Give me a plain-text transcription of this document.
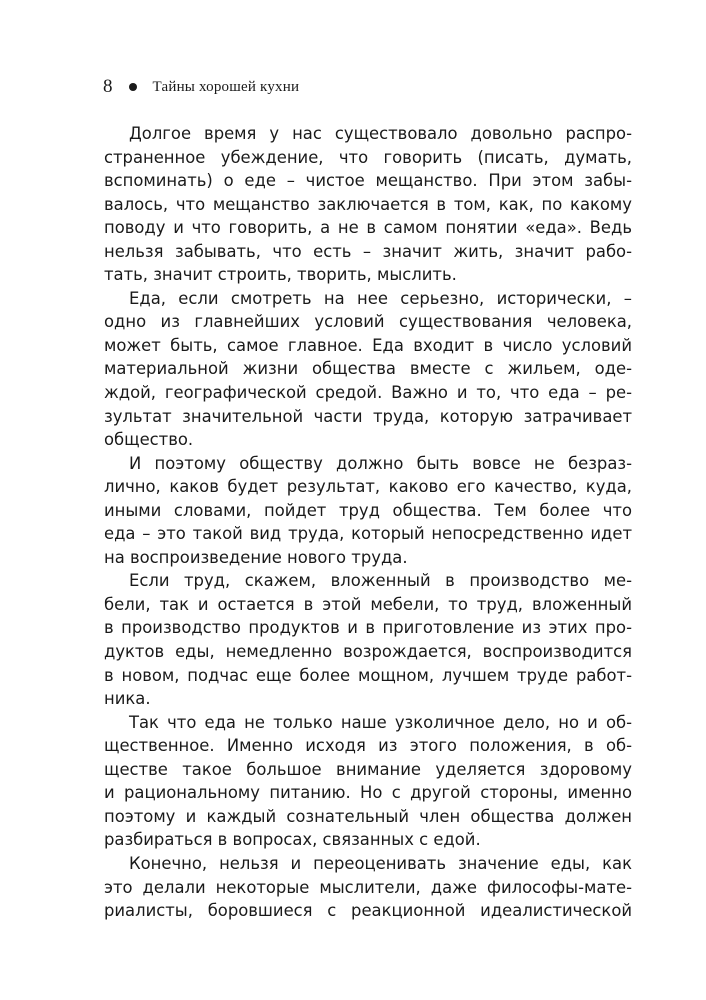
8	Тайны хорошей кухни
Долгое время у нас существовало довольно распро-
страненное убеждение, что говорить (писать, думать,
вспоминать) о еде – чистое мещанство. При этом забы-
валось, что мещанство заключается в том, как, по какому
поводу и что говорить, а не в самом понятии «еда». Ведь
нельзя забывать, что есть – значит жить, значит рабо-
тать, значит строить, творить, мыслить.
Еда, если смотреть на нее серьезно, исторически, –
одно из главнейших условий существования человека,
может быть, самое главное. Еда входит в число условий
материальной жизни общества вместе с жильем, оде-
ждой, географической средой. Важно и то, что еда – ре-
зультат значительной части труда, которую затрачивает
общество.
И поэтому обществу должно быть вовсе не безраз-
лично, каков будет результат, каково его качество, куда,
иными словами, пойдет труд общества. Тем более что
еда – это такой вид труда, который непосредственно идет
на воспроизведение нового труда.
Если труд, скажем, вложенный в производство ме-
бели, так и остается в этой мебели, то труд, вложенный
в производство продуктов и в приготовление из этих про-
дуктов еды, немедленно возрождается, воспроизводится
в новом, подчас еще более мощном, лучшем труде работ-
ника.
Так что еда не только наше узколичное дело, но и об-
щественное. Именно исходя из этого положения, в об-
ществе такое большое внимание уделяется здоровому
и рациональному питанию. Но с другой стороны, именно
поэтому и каждый сознательный член общества должен
разбираться в вопросах, связанных с едой.
Конечно, нельзя и переоценивать значение еды, как
это делали некоторые мыслители, даже философы-мате-
риалисты, боровшиеся с реакционной идеалистической
